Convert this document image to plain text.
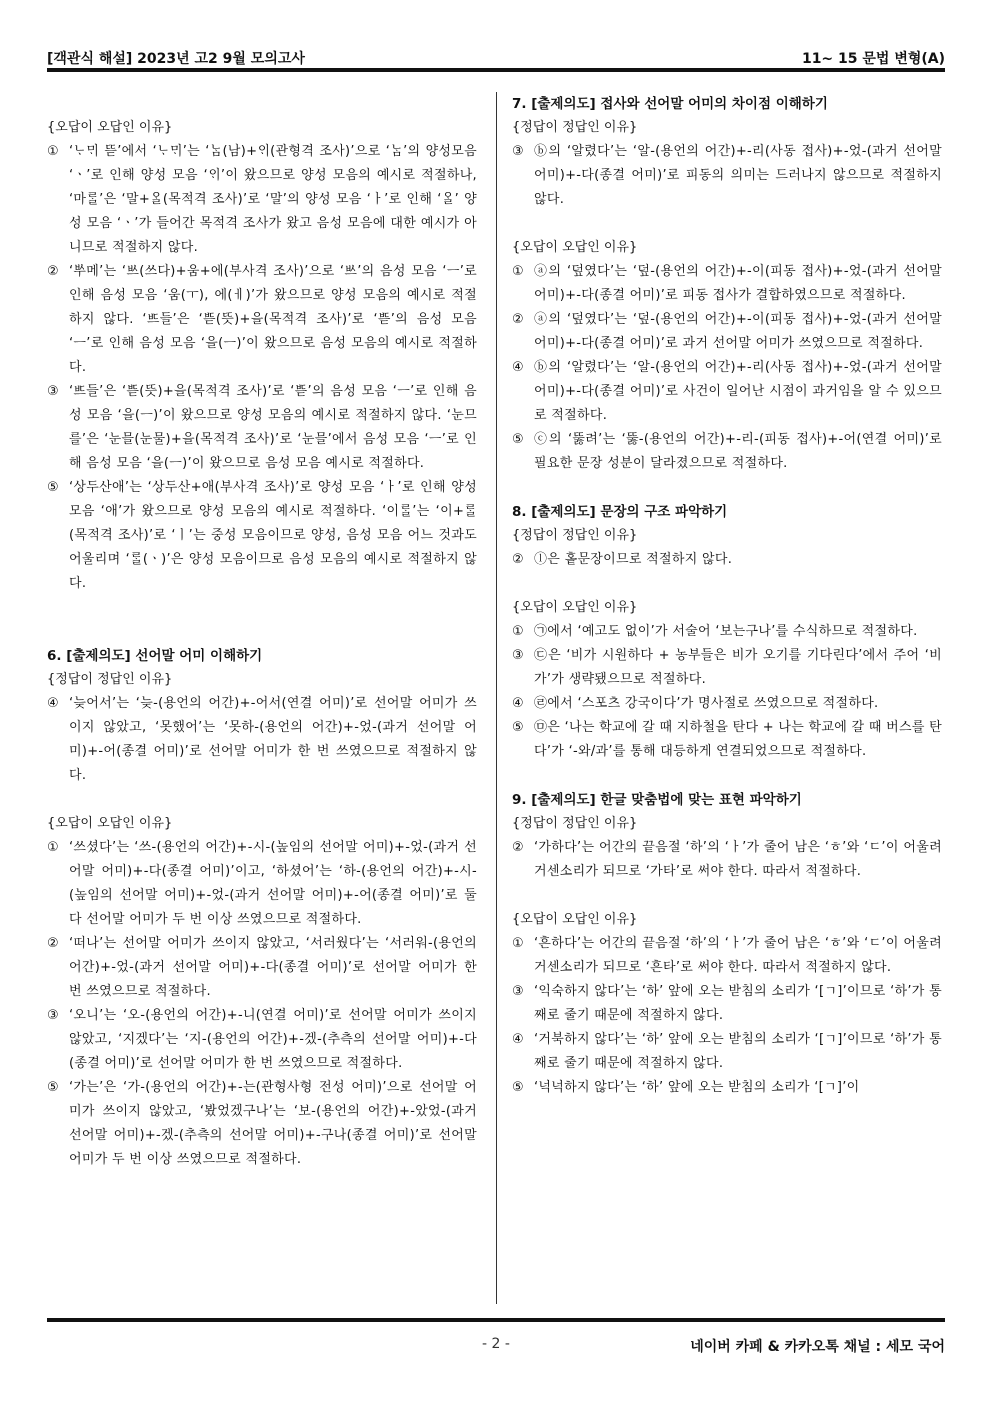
[객관식 해설] 2023년 고2 9월 모의고사	11~ 15 문법 변형(A)

{오답이 오답인 이유}

① ‘ᄂᆞᄆᆡ 뜯’에서 ‘ᄂᆞᄆᆡ’는 ‘ᄂᆞᆷ(남)+ᄋᆡ(관형격 조사)’으로 ‘ᄂᆞᆷ’의 양성모음 ‘ㆍ’로 인해 양성 모음 ‘ᄋᆡ’이 왔으므로 양성 모음의 예시로 적절하나, ‘마ᄅᆞᆯ’은 ‘말+ᄋᆞᆯ(목적격 조사)’로 ‘말’의 양성 모음 ‘ㅏ’로 인해 ‘ᄋᆞᆯ’ 양성 모음 ‘ㆍ’가 들어간 목적격 조사가 왔고 음성 모음에 대한 예시가 아니므로 적절하지 않다.
② ‘ᄡᅮ메’는 ‘ᄡᅳ(쓰다)+움+에(부사격 조사)’으로 ‘ᄡᅳ’의 음성 모음 ‘ㅡ’로 인해 음성 모음 ‘움(ㅜ), 에(ㅔ)’가 왔으므로 양성 모음의 예시로 적절하지 않다. ‘ᄠᅳ들’은 ‘ᄠᅳᆮ(뜻)+을(목적격 조사)’로 ‘ᄠᅳᆮ’의 음성 모음 ‘ㅡ’로 인해 음성 모음 ‘을(ㅡ)’이 왔으므로 음성 모음의 예시로 적절하다.
③ ‘ᄠᅳ들’은 ‘ᄠᅳᆮ(뜻)+을(목적격 조사)’로 ‘ᄠᅳᆮ’의 음성 모음 ‘ㅡ’로 인해 음성 모음 ‘을(ㅡ)’이 왔으므로 양성 모음의 예시로 적절하지 않다. ‘눈므를’은 ‘눈믈(눈물)+을(목적격 조사)’로 ‘눈믈’에서 음성 모음 ‘ㅡ’로 인해 음성 모음 ‘을(ㅡ)’이 왔으므로 음성 모음 예시로 적절하다.
⑤ ‘상두산애’는 ‘상두산+애(부사격 조사)’로 양성 모음 ‘ㅏ’로 인해 양성 모음 ‘애’가 왔으므로 양성 모음의 예시로 적절하다. ‘이ᄅᆞᆯ’는 ‘이+ᄅᆞᆯ(목적격 조사)’로 ‘ㅣ’는 중성 모음이므로 양성, 음성 모음 어느 것과도 어울리며 ‘ᄅᆞᆯ(ㆍ)’은 양성 모음이므로 음성 모음의 예시로 적절하지 않다.

6. [출제의도] 선어말 어미 이해하기

{정답이 정답인 이유}

④ ‘늦어서’는 ‘늦-(용언의 어간)+-어서(연결 어미)’로 선어말 어미가 쓰이지 않았고, ‘못했어’는 ‘못하-(용언의 어간)+-었-(과거 선어말 어미)+-어(종결 어미)’로 선어말 어미가 한 번 쓰였으므로 적절하지 않다.

{오답이 오답인 이유}

① ‘쓰셨다’는 ‘쓰-(용언의 어간)+-시-(높임의 선어말 어미)+-었-(과거 선어말 어미)+-다(종결 어미)’이고, ‘하셨어’는 ‘하-(용언의 어간)+-시-(높임의 선어말 어미)+-었-(과거 선어말 어미)+-어(종결 어미)’로 둘다 선어말 어미가 두 번 이상 쓰였으므로 적절하다.
② ‘떠나’는 선어말 어미가 쓰이지 않았고, ‘서러웠다’는 ‘서러워-(용언의 어간)+-었-(과거 선어말 어미)+-다(종결 어미)’로 선어말 어미가 한 번 쓰였으므로 적절하다.
③ ‘오니’는 ‘오-(용언의 어간)+-니(연결 어미)’로 선어말 어미가 쓰이지 않았고, ‘지겠다’는 ‘지-(용언의 어간)+-겠-(추측의 선어말 어미)+-다(종결 어미)’로 선어말 어미가 한 번 쓰였으므로 적절하다.
⑤ ‘가는’은 ‘가-(용언의 어간)+-는(관형사형 전성 어미)’으로 선어말 어미가 쓰이지 않았고, ‘봤었겠구나’는 ‘보-(용언의 어간)+-았었-(과거 선어말 어미)+-겠-(추측의 선어말 어미)+-구나(종결 어미)’로 선어말 어미가 두 번 이상 쓰였으므로 적절하다.

7. [출제의도] 접사와 선어말 어미의 차이점 이해하기

{정답이 정답인 이유}

③ ⓑ의 ‘알렸다’는 ‘알-(용언의 어간)+-리(사동 접사)+-었-(과거 선어말 어미)+-다(종결 어미)’로 피동의 의미는 드러나지 않으므로 적절하지 않다.

{오답이 오답인 이유}

① ⓐ의 ‘덮였다’는 ‘덮-(용언의 어간)+-이(피동 접사)+-었-(과거 선어말 어미)+-다(종결 어미)’로 피동 접사가 결합하였으므로 적절하다.
② ⓐ의 ‘덮였다’는 ‘덮-(용언의 어간)+-이(피동 접사)+-었-(과거 선어말 어미)+-다(종결 어미)’로 과거 선어말 어미가 쓰였으므로 적절하다.
④ ⓑ의 ‘알렸다’는 ‘알-(용언의 어간)+-리(사동 접사)+-었-(과거 선어말 어미)+-다(종결 어미)’로 사건이 일어난 시점이 과거임을 알 수 있으므로 적절하다.
⑤ ⓒ의 ‘뚫려’는 ‘뚫-(용언의 어간)+-리-(피동 접사)+-어(연결 어미)’로 필요한 문장 성분이 달라졌으므로 적절하다.

8. [출제의도] 문장의 구조 파악하기

{정답이 정답인 이유}

② ⓛ은 홑문장이므로 적절하지 않다.

{오답이 오답인 이유}

① ㉠에서 ‘예고도 없이’가 서술어 ‘보는구나’를 수식하므로 적절하다.
③ ㉢은 ‘비가 시원하다 + 농부들은 비가 오기를 기다린다’에서 주어 ‘비가’가 생략됐으므로 적절하다.
④ ㉣에서 ‘스포츠 강국이다’가 명사절로 쓰였으므로 적절하다.
⑤ ㉤은 ‘나는 학교에 갈 때 지하철을 탄다 + 나는 학교에 갈 때 버스를 탄다’가 ‘-와/과’를 통해 대등하게 연결되었으므로 적절하다.

9. [출제의도] 한글 맞춤법에 맞는 표현 파악하기

{정답이 정답인 이유}

② ‘가하다’는 어간의 끝음절 ‘하’의 ‘ㅏ’가 줄어 남은 ‘ㅎ’와 ‘ㄷ’이 어울려 거센소리가 되므로 ‘가타’로 써야 한다. 따라서 적절하다.

{오답이 오답인 이유}

① ‘흔하다’는 어간의 끝음절 ‘하’의 ‘ㅏ’가 줄어 남은 ‘ㅎ’와 ‘ㄷ’이 어울려 거센소리가 되므로 ‘흔타’로 써야 한다. 따라서 적절하지 않다.
③ ‘익숙하지 않다’는 ‘하’ 앞에 오는 받침의 소리가 ‘[ㄱ]’이므로 ‘하’가 통째로 줄기 때문에 적절하지 않다.
④ ‘거북하지 않다’는 ‘하’ 앞에 오는 받침의 소리가 ‘[ㄱ]’이므로 ‘하’가 통째로 줄기 때문에 적절하지 않다.
⑤ ‘넉넉하지 않다’는 ‘하’ 앞에 오는 받침의 소리가 ‘[ㄱ]’이
- 2 -	네이버 카페 & 카카오톡 채널 : 세모 국어
